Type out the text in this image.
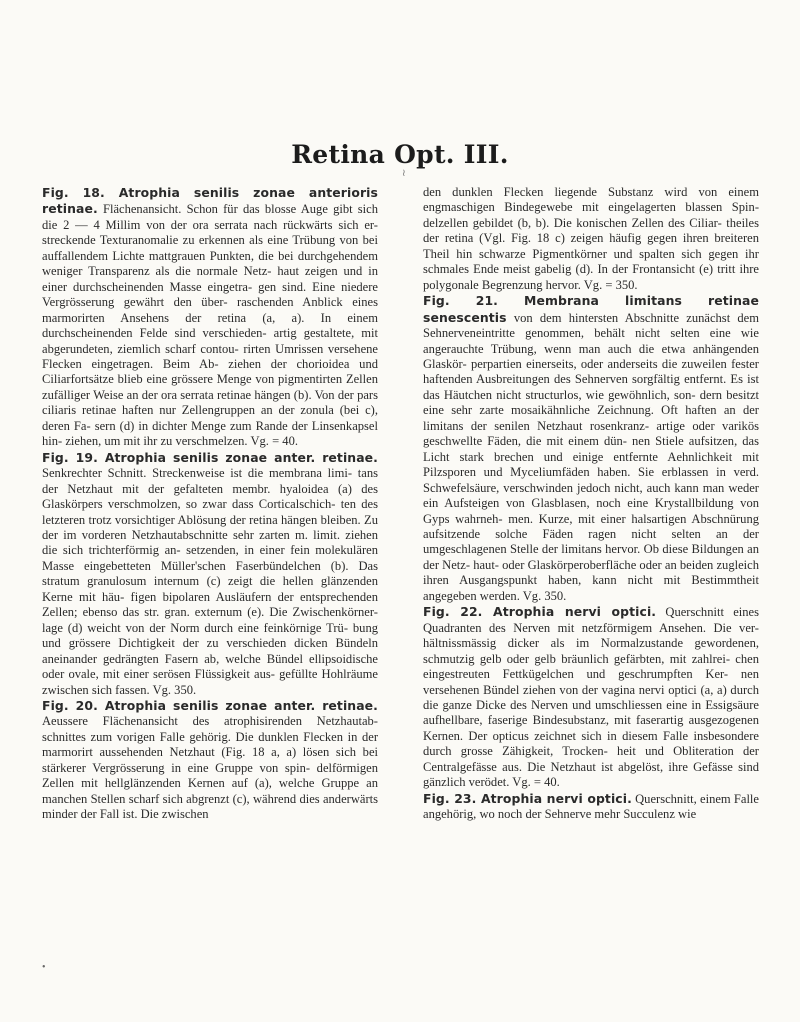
Retina Opt. III.
≀

Fig. 18. Atrophia senilis zonae anterioris retinae. Flächenansicht. Schon für das blosse Auge gibt sich die 2 — 4 Millim von der ora serrata nach rückwärts sich er- streckende Texturanomalie zu erkennen als eine Trübung von bei auffallendem Lichte mattgrauen Punkten, die bei durchgehendem weniger Transparenz als die normale Netz- haut zeigen und in einer durchscheinenden Masse eingetra- gen sind. Eine niedere Vergrösserung gewährt den über- raschenden Anblick eines marmorirten Ansehens der retina (a, a). In einem durchscheinenden Felde sind verschieden- artig gestaltete, mit abgerundeten, ziemlich scharf contou- rirten Umrissen versehene Flecken eingetragen. Beim Ab- ziehen der chorioidea und Ciliarfortsätze blieb eine grössere Menge von pigmentirten Zellen zufälliger Weise an der ora serrata retinae hängen (b). Von der pars ciliaris retinae haften nur Zellengruppen an der zonula (bei c), deren Fa- sern (d) in dichter Menge zum Rande der Linsenkapsel hin- ziehen, um mit ihr zu verschmelzen. Vg. = 40.

Fig. 19. Atrophia senilis zonae anter. retinae. Senkrechter Schnitt. Streckenweise ist die membrana limi- tans der Netzhaut mit der gefalteten membr. hyaloidea (a) des Glaskörpers verschmolzen, so zwar dass Corticalschich- ten des letzteren trotz vorsichtiger Ablösung der retina hängen bleiben. Zu der im vorderen Netzhautabschnitte sehr zarten m. limit. ziehen die sich trichterförmig an- setzenden, in einer fein molekulären Masse eingebetteten Müller'schen Faserbündelchen (b). Das stratum granulosum internum (c) zeigt die hellen glänzenden Kerne mit häu- figen bipolaren Ausläufern der entsprechenden Zellen; ebenso das str. gran. externum (e). Die Zwischenkörner- lage (d) weicht von der Norm durch eine feinkörnige Trü- bung und grössere Dichtigkeit der zu verschieden dicken Bündeln aneinander gedrängten Fasern ab, welche Bündel ellipsoidische oder ovale, mit einer serösen Flüssigkeit aus- gefüllte Hohlräume zwischen sich fassen. Vg. 350.

Fig. 20. Atrophia senilis zonae anter. retinae. Aeussere Flächenansicht des atrophisirenden Netzhautab- schnittes zum vorigen Falle gehörig. Die dunklen Flecken in der marmorirt aussehenden Netzhaut (Fig. 18 a, a) lösen sich bei stärkerer Vergrösserung in eine Gruppe von spin- delförmigen Zellen mit hellglänzenden Kernen auf (a), welche Gruppe an manchen Stellen scharf sich abgrenzt (c), während dies anderwärts minder der Fall ist. Die zwischen

den dunklen Flecken liegende Substanz wird von einem engmaschigen Bindegewebe mit eingelagerten blassen Spin- delzellen gebildet (b, b). Die konischen Zellen des Ciliar- theiles der retina (Vgl. Fig. 18 c) zeigen häufig gegen ihren breiteren Theil hin schwarze Pigmentkörner und spalten sich gegen ihr schmales Ende meist gabelig (d). In der Frontansicht (e) tritt ihre polygonale Begrenzung hervor. Vg. = 350.

Fig. 21. Membrana limitans retinae senescentis von dem hintersten Abschnitte zunächst dem Sehnerveneintritte genommen, behält nicht selten eine wie angerauchte Trübung, wenn man auch die etwa anhängenden Glaskör- perpartien einerseits, oder anderseits die zuweilen fester haftenden Ausbreitungen des Sehnerven sorgfältig entfernt. Es ist das Häutchen nicht structurlos, wie gewöhnlich, son- dern besitzt eine sehr zarte mosaikähnliche Zeichnung. Oft haften an der limitans der senilen Netzhaut rosenkranz- artige oder varikös geschwellte Fäden, die mit einem dün- nen Stiele aufsitzen, das Licht stark brechen und einige entfernte Aehnlichkeit mit Pilzsporen und Myceliumfäden haben. Sie erblassen in verd. Schwefelsäure, verschwinden jedoch nicht, auch kann man weder ein Aufsteigen von Glasblasen, noch eine Krystallbildung von Gyps wahrneh- men. Kurze, mit einer halsartigen Abschnürung aufsitzende solche Fäden ragen nicht selten an der umgeschlagenen Stelle der limitans hervor. Ob diese Bildungen an der Netz- haut- oder Glaskörperoberfläche oder an beiden zugleich ihren Ausgangspunkt haben, kann nicht mit Bestimmtheit angegeben werden. Vg. 350.

Fig. 22. Atrophia nervi optici. Querschnitt eines Quadranten des Nerven mit netzförmigem Ansehen. Die ver- hältnissmässig dicker als im Normalzustande gewordenen, schmutzig gelb oder gelb bräunlich gefärbten, mit zahlrei- chen eingestreuten Fettkügelchen und geschrumpften Ker- nen versehenen Bündel ziehen von der vagina nervi optici (a, a) durch die ganze Dicke des Nerven und umschliessen eine in Essigsäure aufhellbare, faserige Bindesubstanz, mit faserartig ausgezogenen Kernen. Der opticus zeichnet sich in diesem Falle insbesondere durch grosse Zähigkeit, Trocken- heit und Obliteration der Centralgefässe aus. Die Netzhaut ist abgelöst, ihre Gefässe sind gänzlich verödet. Vg. = 40.

Fig. 23. Atrophia nervi optici. Querschnitt, einem Falle angehörig, wo noch der Sehnerve mehr Succulenz wie

•
